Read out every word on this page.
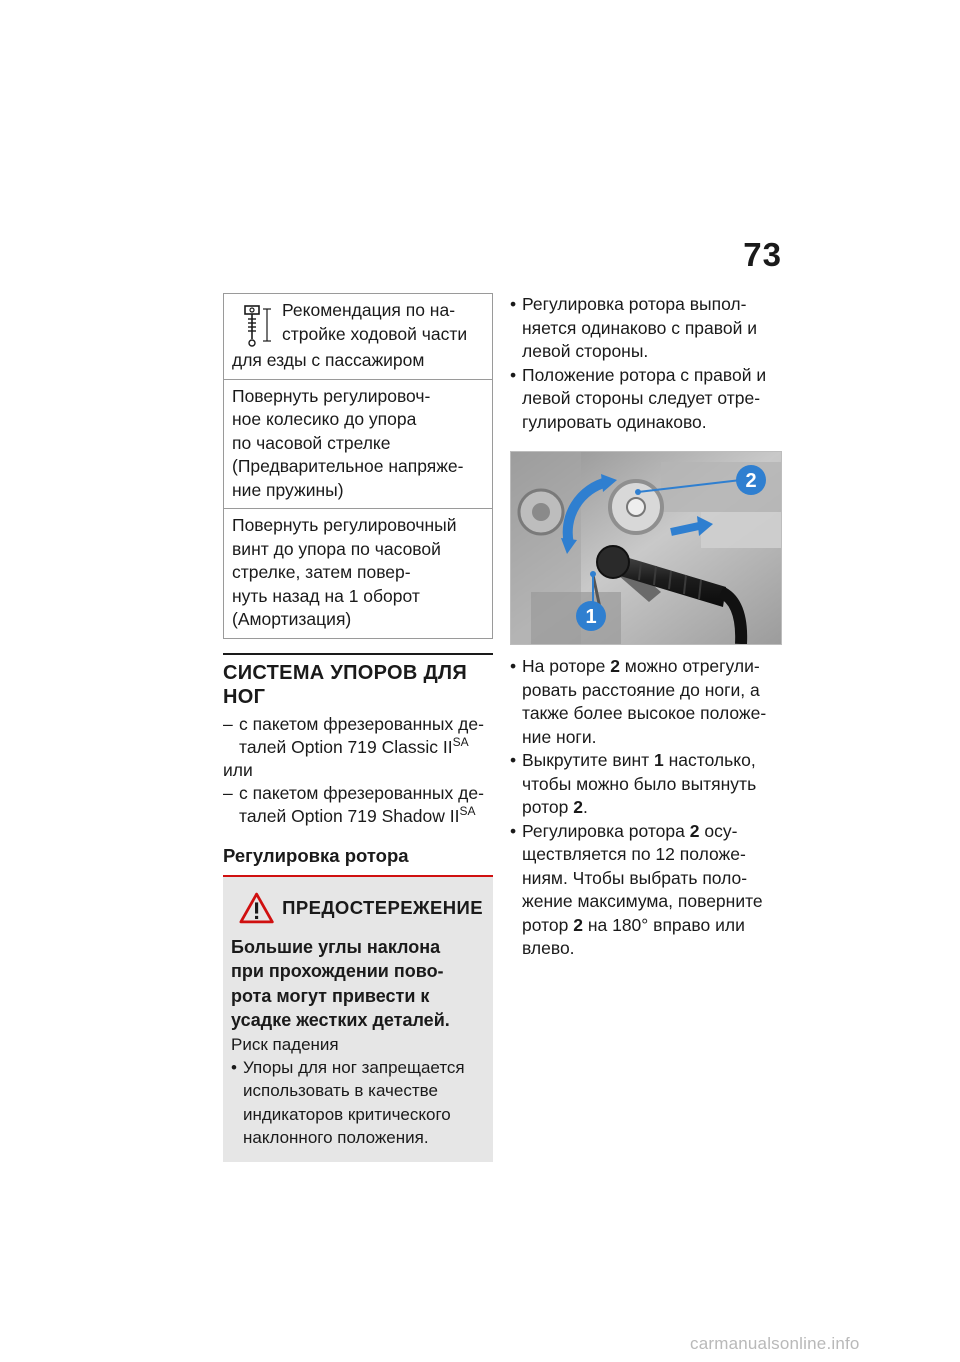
73
Рекомендация по на-
стройке ходовой части
для езды с пассажиром
Повернуть регулировоч-
ное колесико до упора
по часовой стрелке
(Предварительное напряже-
ние пружины)
Повернуть регулировочный
винт до упора по часовой
стрелке, затем повер-
нуть назад на 1 оборот
(Амортизация)
СИСТЕМА УПОРОВ ДЛЯ
НОГ
– с пакетом фрезерованных де-
талей Option 719 Classic $II^{SA}$
или
– с пакетом фрезерованных де-
талей Option 719 Shadow $II^{SA}$
Регулировка ротора
ПРЕДОСТЕРЕЖЕНИЕ
Большие углы наклона
при прохождении пово-
рота могут привести к
усадке жестких деталей.
Риск падения
• Упоры для ног запрещается
использовать в качестве
индикаторов критического
наклонного положения.
• Регулировка ротора выпол-
няется одинаково с правой и
левой стороны.
• Положение ротора с правой и
левой стороны следует отре-
гулировать одинаково.
2
1
• На роторе 2 можно отрегули-
ровать расстояние до ноги, а
также более высокое положе-
ние ноги.
• Выкрутите винт 1 настолько,
чтобы можно было вытянуть
ротор 2.
• Регулировка ротора 2 осу-
ществляется по 12 положе-
ниям. Чтобы выбрать поло-
жение максимума, поверните
ротор 2 на 180° вправо или
влево.
carmanualsonline.info
